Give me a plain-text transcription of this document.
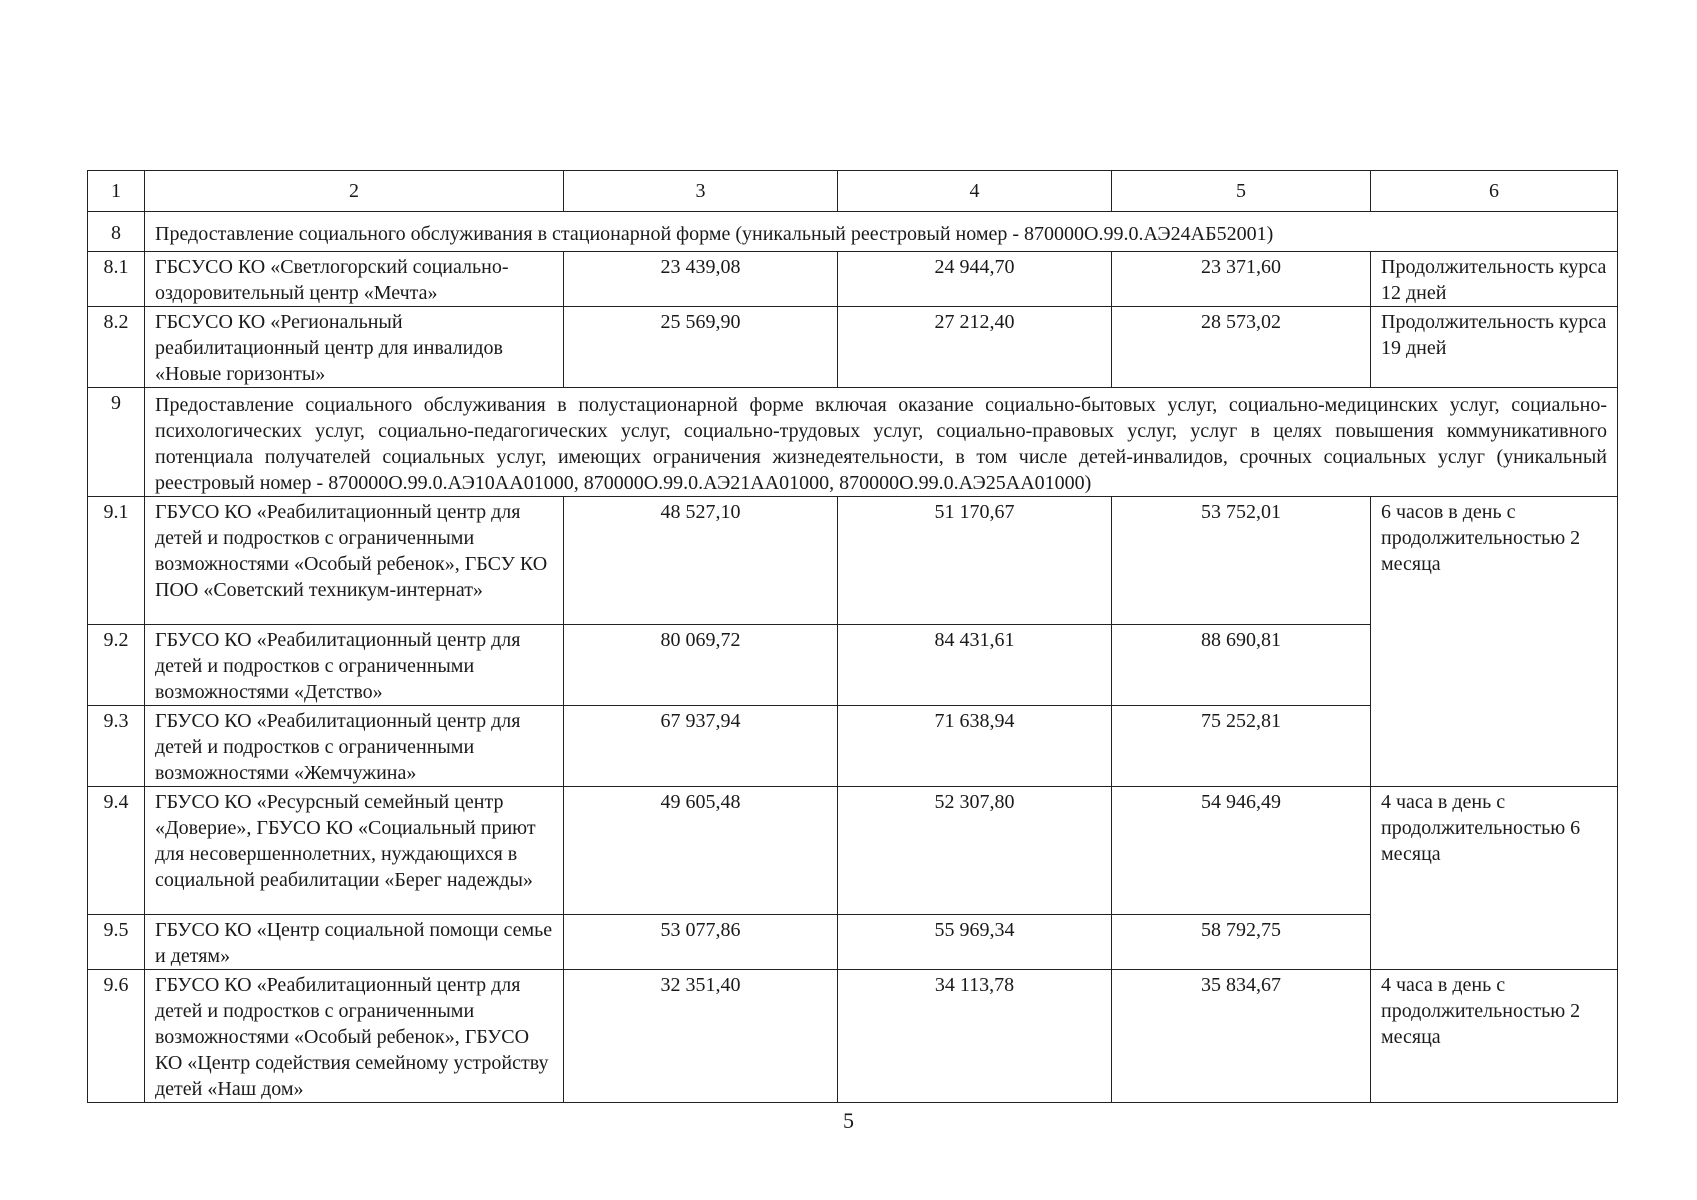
1	2	3	4	5	6
8	Предоставление социального обслуживания в стационарной форме (уникальный реестровый номер - 870000О.99.0.АЭ24АБ52001)				
8.1	ГБСУСО КО «Светлогорский социально-оздоровительный центр «Мечта»	23 439,08	24 944,70	23 371,60	Продолжительность курса 12 дней
8.2	ГБСУСО КО «Региональный реабилитационный центр для инвалидов «Новые горизонты»	25 569,90	27 212,40	28 573,02	Продолжительность курса 19 дней
9	Предоставление социального обслуживания в полустационарной форме включая оказание социально-бытовых услуг, социально-медицинских услуг, социально-психологических услуг, социально-педагогических услуг, социально-трудовых услуг, социально-правовых услуг, услуг в целях повышения коммуникативного потенциала получателей социальных услуг, имеющих ограничения жизнедеятельности, в том числе детей-инвалидов, срочных социальных услуг (уникальный реестровый номер - 870000О.99.0.АЭ10АА01000, 870000О.99.0.АЭ21АА01000, 870000О.99.0.АЭ25АА01000)				
9.1	ГБУСО КО «Реабилитационный центр для детей и подростков с ограниченными возможностями «Особый ребенок», ГБСУ КО ПОО «Советский техникум-интернат»	48 527,10	51 170,67	53 752,01	6 часов в день с продолжительностью 2 месяца
9.2	ГБУСО КО «Реабилитационный центр для детей и подростков с ограниченными возможностями «Детство»	80 069,72	84 431,61	88 690,81	
9.3	ГБУСО КО «Реабилитационный центр для детей и подростков с ограниченными возможностями «Жемчужина»	67 937,94	71 638,94	75 252,81	
9.4	ГБУСО КО «Ресурсный семейный центр «Доверие», ГБУСО КО «Социальный приют для несовершеннолетних, нуждающихся в социальной реабилитации «Берег надежды»	49 605,48	52 307,80	54 946,49	4 часа в день с продолжительностью 6 месяца
9.5	ГБУСО КО «Центр социальной помощи семье и детям»	53 077,86	55 969,34	58 792,75	
9.6	ГБУСО КО «Реабилитационный центр для детей и подростков с ограниченными возможностями «Особый ребенок», ГБУСО КО «Центр содействия семейному устройству детей «Наш дом»	32 351,40	34 113,78	35 834,67	4 часа в день с продолжительностью 2 месяца
5
